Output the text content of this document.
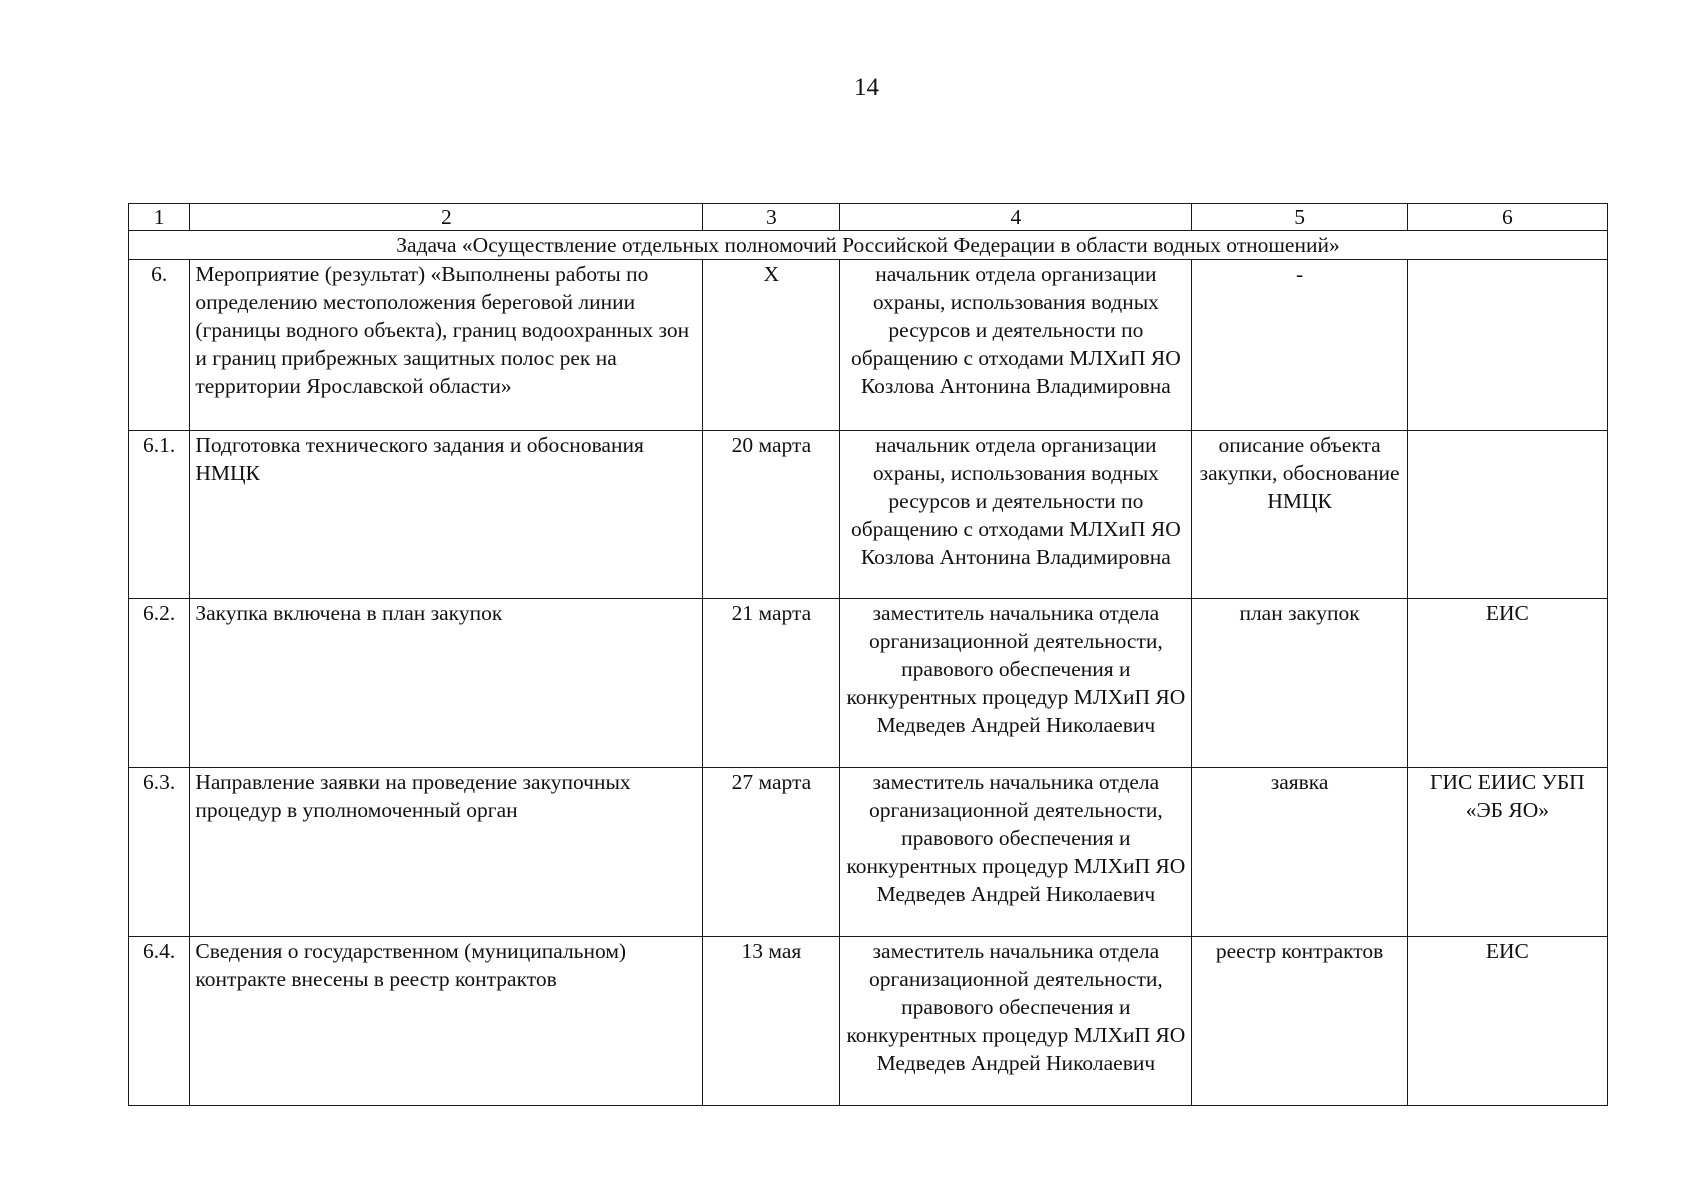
14
1	2	3	4	5	6
Задача «Осуществление отдельных полномочий Российской Федерации в области водных отношений»					
6.	Мероприятие (результат) «Выполнены работы по определению местоположения береговой линии (границы водного объекта), границ водоохранных зон и границ прибрежных защитных полос рек на территории Ярославской области»	X	начальник отдела организации охраны, использования водных ресурсов и деятельности по обращению с отходами МЛХиП ЯО Козлова Антонина Владимировна	-	
6.1.	Подготовка технического задания и обоснования НМЦК	20 марта	начальник отдела организации охраны, использования водных ресурсов и деятельности по обращению с отходами МЛХиП ЯО Козлова Антонина Владимировна	описание объекта закупки, обоснование НМЦК	
6.2.	Закупка включена в план закупок	21 марта	заместитель начальника отдела организационной деятельности, правового обеспечения и конкурентных процедур МЛХиП ЯО Медведев Андрей Николаевич	план закупок	ЕИС
6.3.	Направление заявки на проведение закупочных процедур в уполномоченный орган	27 марта	заместитель начальника отдела организационной деятельности, правового обеспечения и конкурентных процедур МЛХиП ЯО Медведев Андрей Николаевич	заявка	ГИС ЕИИС УБП «ЭБ ЯО»
6.4.	Сведения о государственном (муниципальном) контракте внесены в реестр контрактов	13 мая	заместитель начальника отдела организационной деятельности, правового обеспечения и конкурентных процедур МЛХиП ЯО Медведев Андрей Николаевич	реестр контрактов	ЕИС
